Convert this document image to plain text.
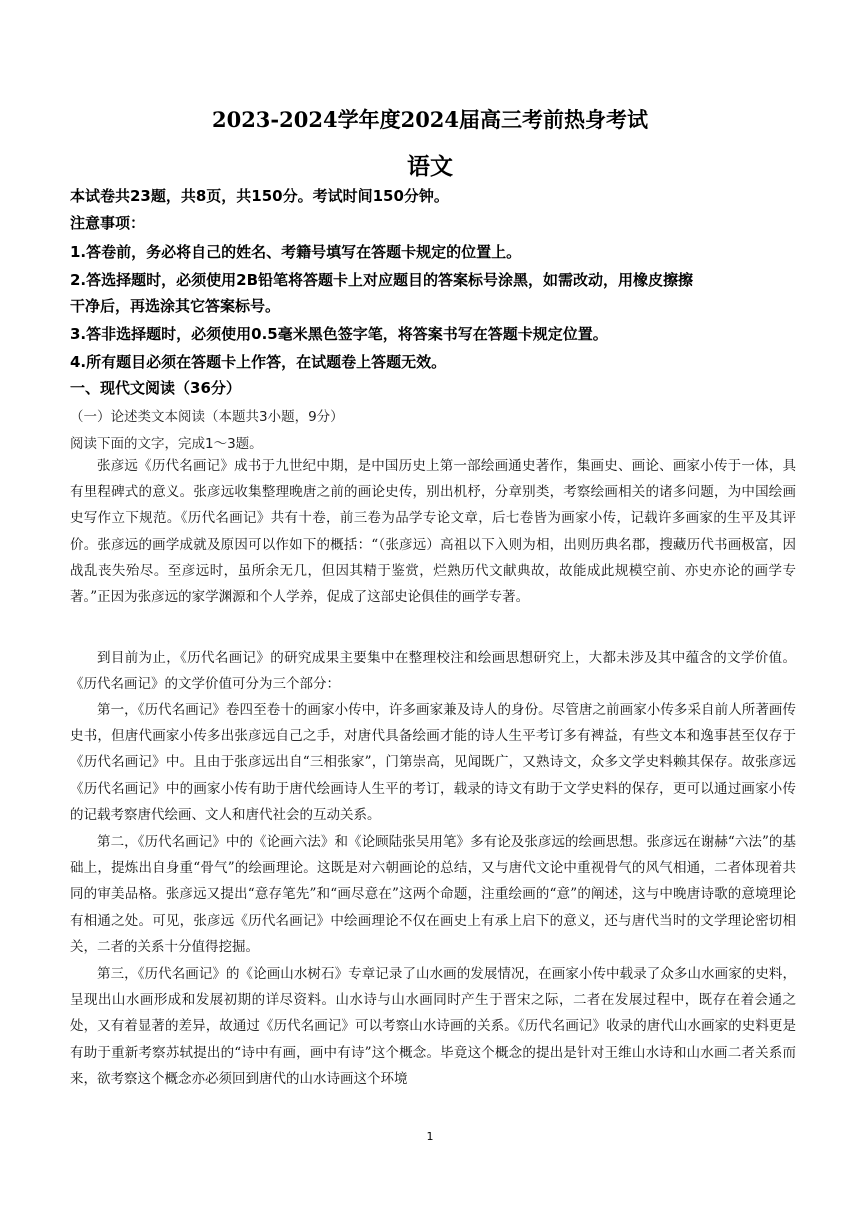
2023-2024学年度2024届高三考前热身考试
语文
本试卷共23题，共8页，共150分。考试时间150分钟。
注意事项：
1.答卷前，务必将自己的姓名、考籍号填写在答题卡规定的位置上。
2.答选择题时，必须使用2B铅笔将答题卡上对应题目的答案标号涂黑，如需改动，用橡皮擦擦
干净后，再选涂其它答案标号。
3.答非选择题时，必须使用0.5毫米黑色签字笔，将答案书写在答题卡规定位置。
4.所有题目必须在答题卡上作答，在试题卷上答题无效。
一、现代文阅读（36分）
（一）论述类文本阅读（本题共3小题，9分）
阅读下面的文字，完成1～3题。

张彦远《历代名画记》成书于九世纪中期，是中国历史上第一部绘画通史著作，集画史、画论、画家小传于一体，具有里程碑式的意义。张彦远收集整理晚唐之前的画论史传，别出机杼，分章别类，考察绘画相关的诸多问题，为中国绘画史写作立下规范。《历代名画记》共有十卷，前三卷为品学专论文章，后七卷皆为画家小传，记载许多画家的生平及其评价。张彦远的画学成就及原因可以作如下的概括：“（张彦远）高祖以下入则为相，出则历典名郡，搜藏历代书画极富，因战乱丧失殆尽。至彦远时，虽所余无几，但因其精于鉴赏，烂熟历代文献典故，故能成此规模空前、亦史亦论的画学专著。”正因为张彦远的家学渊源和个人学养，促成了这部史论俱佳的画学专著。

到目前为止，《历代名画记》的研究成果主要集中在整理校注和绘画思想研究上，大都未涉及其中蕴含的文学价值。《历代名画记》的文学价值可分为三个部分：

第一，《历代名画记》卷四至卷十的画家小传中，许多画家兼及诗人的身份。尽管唐之前画家小传多采自前人所著画传史书，但唐代画家小传多出张彦远自己之手，对唐代具备绘画才能的诗人生平考订多有裨益，有些文本和逸事甚至仅存于《历代名画记》中。且由于张彦远出自“三相张家”，门第崇高，见闻既广，又熟诗文，众多文学史料赖其保存。故张彦远《历代名画记》中的画家小传有助于唐代绘画诗人生平的考订，载录的诗文有助于文学史料的保存，更可以通过画家小传的记载考察唐代绘画、文人和唐代社会的互动关系。

第二，《历代名画记》中的《论画六法》和《论顾陆张吴用笔》多有论及张彦远的绘画思想。张彦远在谢赫“六法”的基础上，提炼出自身重“骨气”的绘画理论。这既是对六朝画论的总结，又与唐代文论中重视骨气的风气相通，二者体现着共同的审美品格。张彦远又提出“意存笔先”和“画尽意在”这两个命题，注重绘画的“意”的阐述，这与中晚唐诗歌的意境理论有相通之处。可见，张彦远《历代名画记》中绘画理论不仅在画史上有承上启下的意义，还与唐代当时的文学理论密切相关，二者的关系十分值得挖掘。

第三，《历代名画记》的《论画山水树石》专章记录了山水画的发展情况，在画家小传中载录了众多山水画家的史料，呈现出山水画形成和发展初期的详尽资料。山水诗与山水画同时产生于晋宋之际，二者在发展过程中，既存在着会通之处，又有着显著的差异，故通过《历代名画记》可以考察山水诗画的关系。《历代名画记》收录的唐代山水画家的史料更是有助于重新考察苏轼提出的“诗中有画，画中有诗”这个概念。毕竟这个概念的提出是针对王维山水诗和山水画二者关系而来，欲考察这个概念亦必须回到唐代的山水诗画这个环境

1
